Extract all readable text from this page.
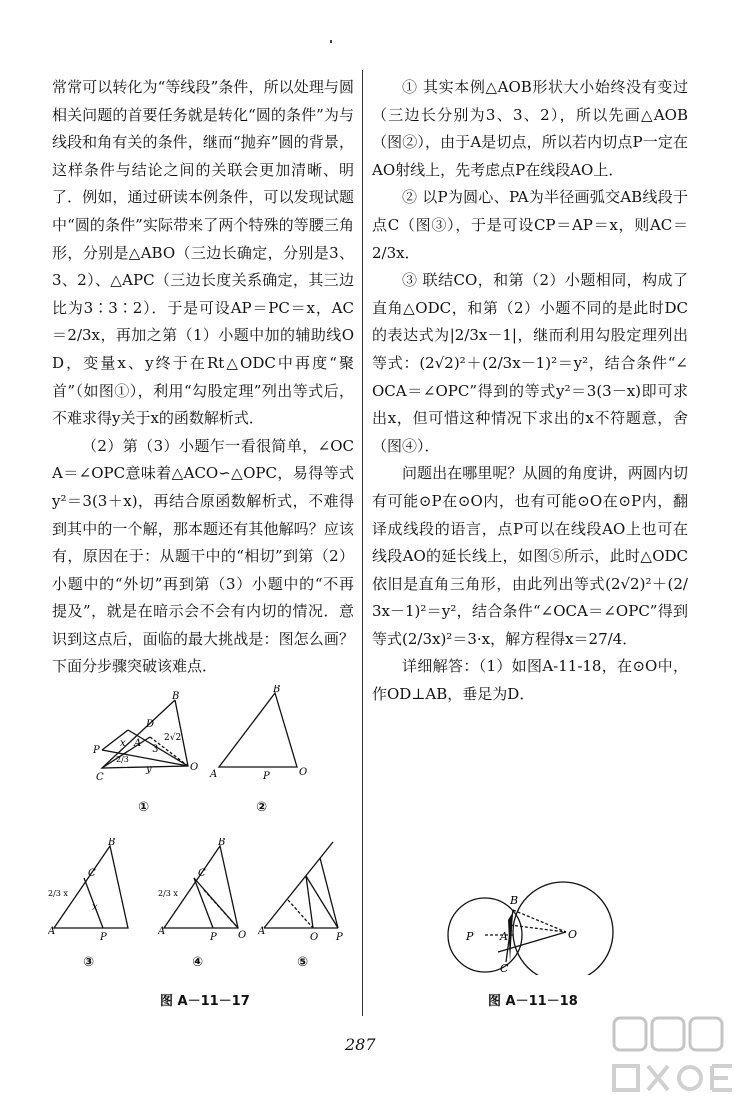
常常可以转化为“等线段”条件，所以处理与圆相关问题的首要任务就是转化“圆的条件”为与线段和角有关的条件，继而“抛弃”圆的背景，这样条件与结论之间的关联会更加清晰、明了．例如，通过研读本例条件，可以发现试题中“圆的条件”实际带来了两个特殊的等腰三角形，分别是△ABO（三边长确定，分别是3、3、2）、△APC（三边长度关系确定，其三边比为3∶3∶2）．于是可设AP＝PC＝x，AC＝2/3x，再加之第（1）小题中加的辅助线OD，变量x、y终于在Rt△ODC中再度“聚首”（如图①），利用“勾股定理”列出等式后，不难求得y关于x的函数解析式．

（2）第（3）小题乍一看很简单，∠OCA＝∠OPC意味着△ACO∽△OPC，易得等式y²＝3(3＋x)，再结合原函数解析式，不难得到其中的一个解，那本题还有其他解吗？应该有，原因在于：从题干中的“相切”到第（2）小题中的“外切”再到第（3）小题中的“不再提及”，就是在暗示会不会有内切的情况．意识到这点后，面临的最大挑战是：图怎么画？下面分步骤突破该难点．

① 其实本例△AOB形状大小始终没有变过（三边长分别为3、3、2），所以先画△AOB（图②），由于A是切点，所以若内切点P一定在AO射线上，先考虑点P在线段AO上．

② 以P为圆心、PA为半径画弧交AB线段于点C（图③），于是可设CP＝AP＝x，则AC＝2/3x．

③ 联结CO，和第（2）小题相同，构成了直角△ODC，和第（2）小题不同的是此时DC的表达式为|2/3x－1|，继而利用勾股定理列出等式：(2√2)²＋(2/3x－1)²＝y²，结合条件“∠OCA＝∠OPC”得到的等式y²＝3(3－x)即可求出x，但可惜这种情况下求出的x不符题意，舍（图④）．

问题出在哪里呢？从圆的角度讲，两圆内切有可能⊙P在⊙O内，也有可能⊙O在⊙P内，翻译成线段的语言，点P可以在线段AO上也可在线段AO的延长线上，如图⑤所示，此时△ODC依旧是直角三角形，由此列出等式(2√2)²＋(2/3x－1)²＝y²，结合条件“∠OCA＝∠OPC”得到等式(2/3x)²＝3·x，解方程得x＝27/4．

详细解答：（1）如图A-11-18，在⊙O中，作OD⊥AB，垂足为D．

B
D
x A
3
2√2
P
O
C
2/3
y
①
B
A	P	O
②
B
C
2/3 x
x
A
P
③
B
C
2/3 x
A
P O
④
A
O P
⑤
图 A－11－17
P A
B
C
O
图 A－11－18
287
